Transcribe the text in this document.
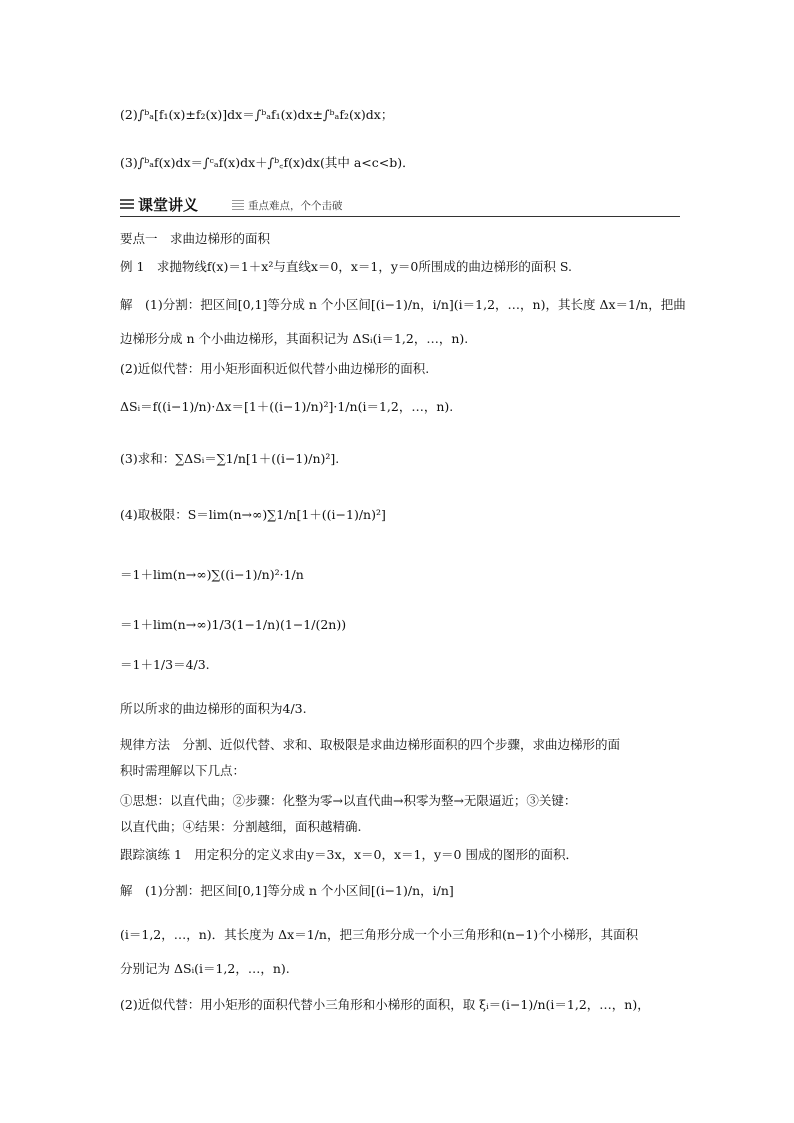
(2)∫ᵇₐ[f₁(x)±f₂(x)]dx＝∫ᵇₐf₁(x)dx±∫ᵇₐf₂(x)dx；
(3)∫ᵇₐf(x)dx＝∫ᶜₐf(x)dx＋∫ᵇ꜀f(x)dx(其中 a<c<b)．
课堂讲义	重点难点，个个击破
要点一　求曲边梯形的面积
例 1　求抛物线f(x)＝1＋x²与直线x＝0，x＝1，y＝0所围成的曲边梯形的面积 S.
解　(1)分割：把区间[0,1]等分成 n 个小区间[(i−1)/n，i/n](i＝1,2，…，n)，其长度 Δx＝1/n，把曲
边梯形分成 n 个小曲边梯形，其面积记为 ΔSᵢ(i＝1,2，…，n).
(2)近似代替：用小矩形面积近似代替小曲边梯形的面积.
ΔSᵢ＝f((i−1)/n)·Δx＝[1＋((i−1)/n)²]·1/n(i＝1,2，…，n).
(3)求和：∑ΔSᵢ＝∑1/n[1＋((i−1)/n)²].
(4)取极限：S＝lim(n→∞)∑1/n[1＋((i−1)/n)²]
＝1＋lim(n→∞)∑((i−1)/n)²·1/n
＝1＋lim(n→∞)1/3(1−1/n)(1−1/(2n))
＝1＋1/3＝4/3.
所以所求的曲边梯形的面积为4/3.
规律方法　分割、近似代替、求和、取极限是求曲边梯形面积的四个步骤，求曲边梯形的面
积时需理解以下几点：
①思想：以直代曲；②步骤：化整为零→以直代曲→积零为整→无限逼近；③关键：
以直代曲；④结果：分割越细，面积越精确.
跟踪演练 1　用定积分的定义求由y＝3x，x＝0，x＝1，y＝0 围成的图形的面积．
解　(1)分割：把区间[0,1]等分成 n 个小区间[(i−1)/n，i/n]
(i＝1,2，…，n)．其长度为 Δx＝1/n，把三角形分成一个小三角形和(n−1)个小梯形，其面积
分别记为 ΔSᵢ(i＝1,2，…，n).
(2)近似代替：用小矩形的面积代替小三角形和小梯形的面积，取 ξᵢ＝(i−1)/n(i＝1,2，…，n)，
